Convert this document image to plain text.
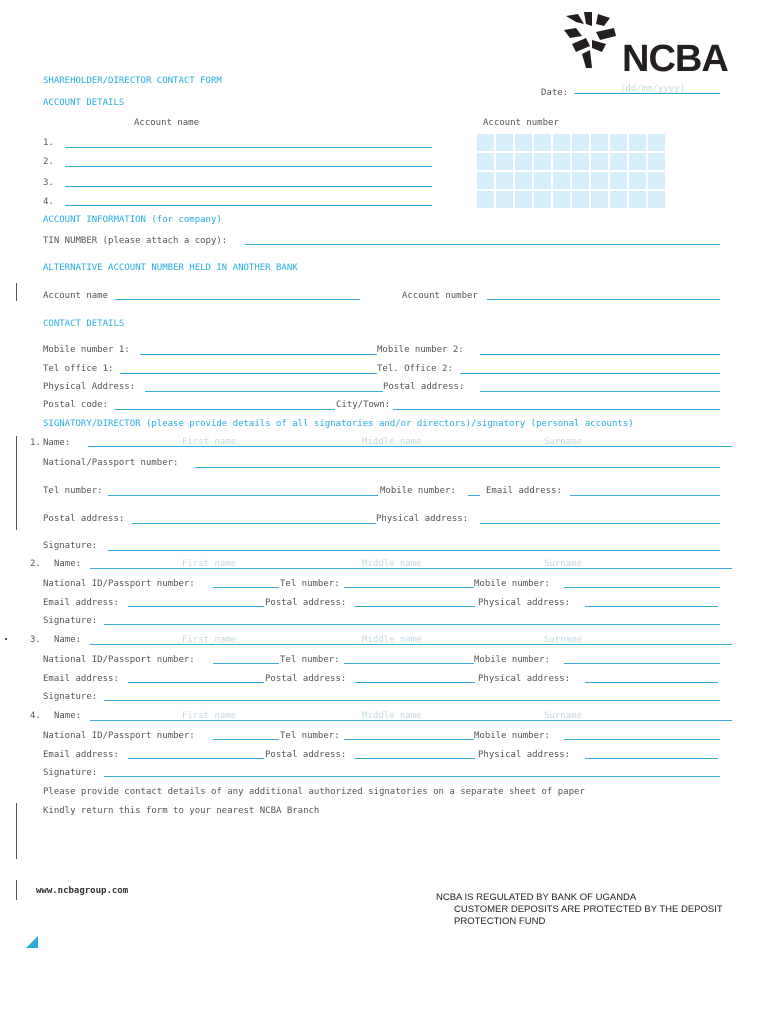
NCBA
SHAREHOLDER/DIRECTOR CONTACT FORM
ACCOUNT DETAILS
Date:	(dd/mm/yyyy)
Account name	Account number
1.
2.
3.
4.
ACCOUNT INFORMATION (for company)
TIN NUMBER (please attach a copy):
ALTERNATIVE ACCOUNT NUMBER HELD IN ANOTHER BANK
Account name	Account number
CONTACT DETAILS
Mobile number 1:	Mobile number 2:
Tel office 1:	Tel. Office 2:
Physical Address:	Postal address:
Postal code:	City/Town:
SIGNATORY/DIRECTOR (please provide details of all signatories and/or directors)/signatory (personal accounts)
1. Name:	First name	Middle name	Surname
National/Passport number:
Tel number:	Mobile number:	Email address:
Postal address:	Physical address:
Signature:
2. Name:	First name	Middle name	Surname
National ID/Passport number:	Tel number:	Mobile number:
Email address:	Postal address:	Physical address:
Signature:
3. Name:	First name	Middle name	Surname
National ID/Passport number:	Tel number:	Mobile number:
Email address:	Postal address:	Physical address:
Signature:
4. Name:	First name	Middle name	Surname
National ID/Passport number:	Tel number:	Mobile number:
Email address:	Postal address:	Physical address:
Signature:
Please provide contact details of any additional authorized signatories on a separate sheet of paper
Kindly return this form to your nearest NCBA Branch
www.ncbagroup.com
NCBA IS REGULATED BY BANK OF UGANDA
CUSTOMER DEPOSITS ARE PROTECTED BY THE DEPOSIT
PROTECTION FUND
